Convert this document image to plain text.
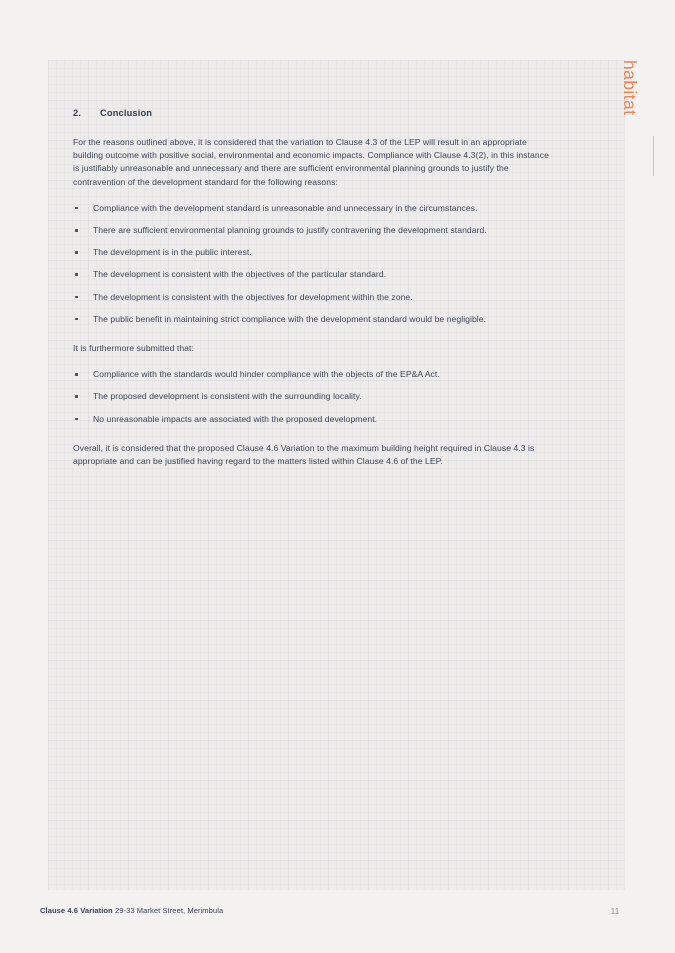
2.	Conclusion

For the reasons outlined above, it is considered that the variation to Clause 4.3 of the LEP will result in an appropriate building outcome with positive social, environmental and economic impacts. Compliance with Clause 4.3(2), in this instance is justifiably unreasonable and unnecessary and there are sufficient environmental planning grounds to justify the contravention of the development standard for the following reasons:

Compliance with the development standard is unreasonable and unnecessary in the circumstances.
There are sufficient environmental planning grounds to justify contravening the development standard.
The development is in the public interest.
The development is consistent with the objectives of the particular standard.
The development is consistent with the objectives for development within the zone.
The public benefit in maintaining strict compliance with the development standard would be negligible.

It is furthermore submitted that:

Compliance with the standards would hinder compliance with the objects of the EP&A Act.
The proposed development is consistent with the surrounding locality.
No unreasonable impacts are associated with the proposed development.

Overall, it is considered that the proposed Clause 4.6 Variation to the maximum building height required in Clause 4.3 is appropriate and can be justified having regard to the matters listed within Clause 4.6 of the LEP.

habitat
Clause 4.6 Variation 29-33 Market Street, Merimbula	11
